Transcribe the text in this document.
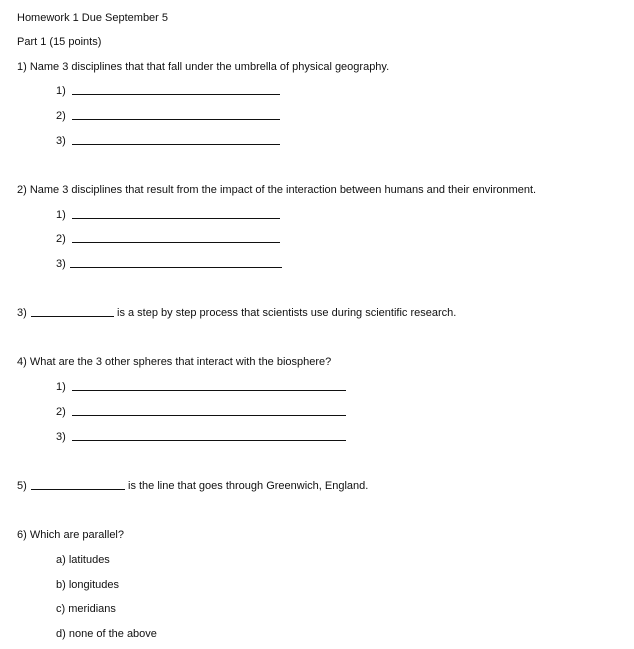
Homework 1 Due September 5
Part 1 (15 points)
1) Name 3 disciplines that that fall under the umbrella of physical geography.
1)
2)
3)
2) Name 3 disciplines that result from the impact of the interaction between humans and their environment.
1)
2)
3)
3)	is a step by step process that scientists use during scientific research.
4) What are the 3 other spheres that interact with the biosphere?
1)
2)
3)
5)	is the line that goes through Greenwich, England.
6) Which are parallel?
a) latitudes
b) longitudes
c) meridians
d) none of the above
